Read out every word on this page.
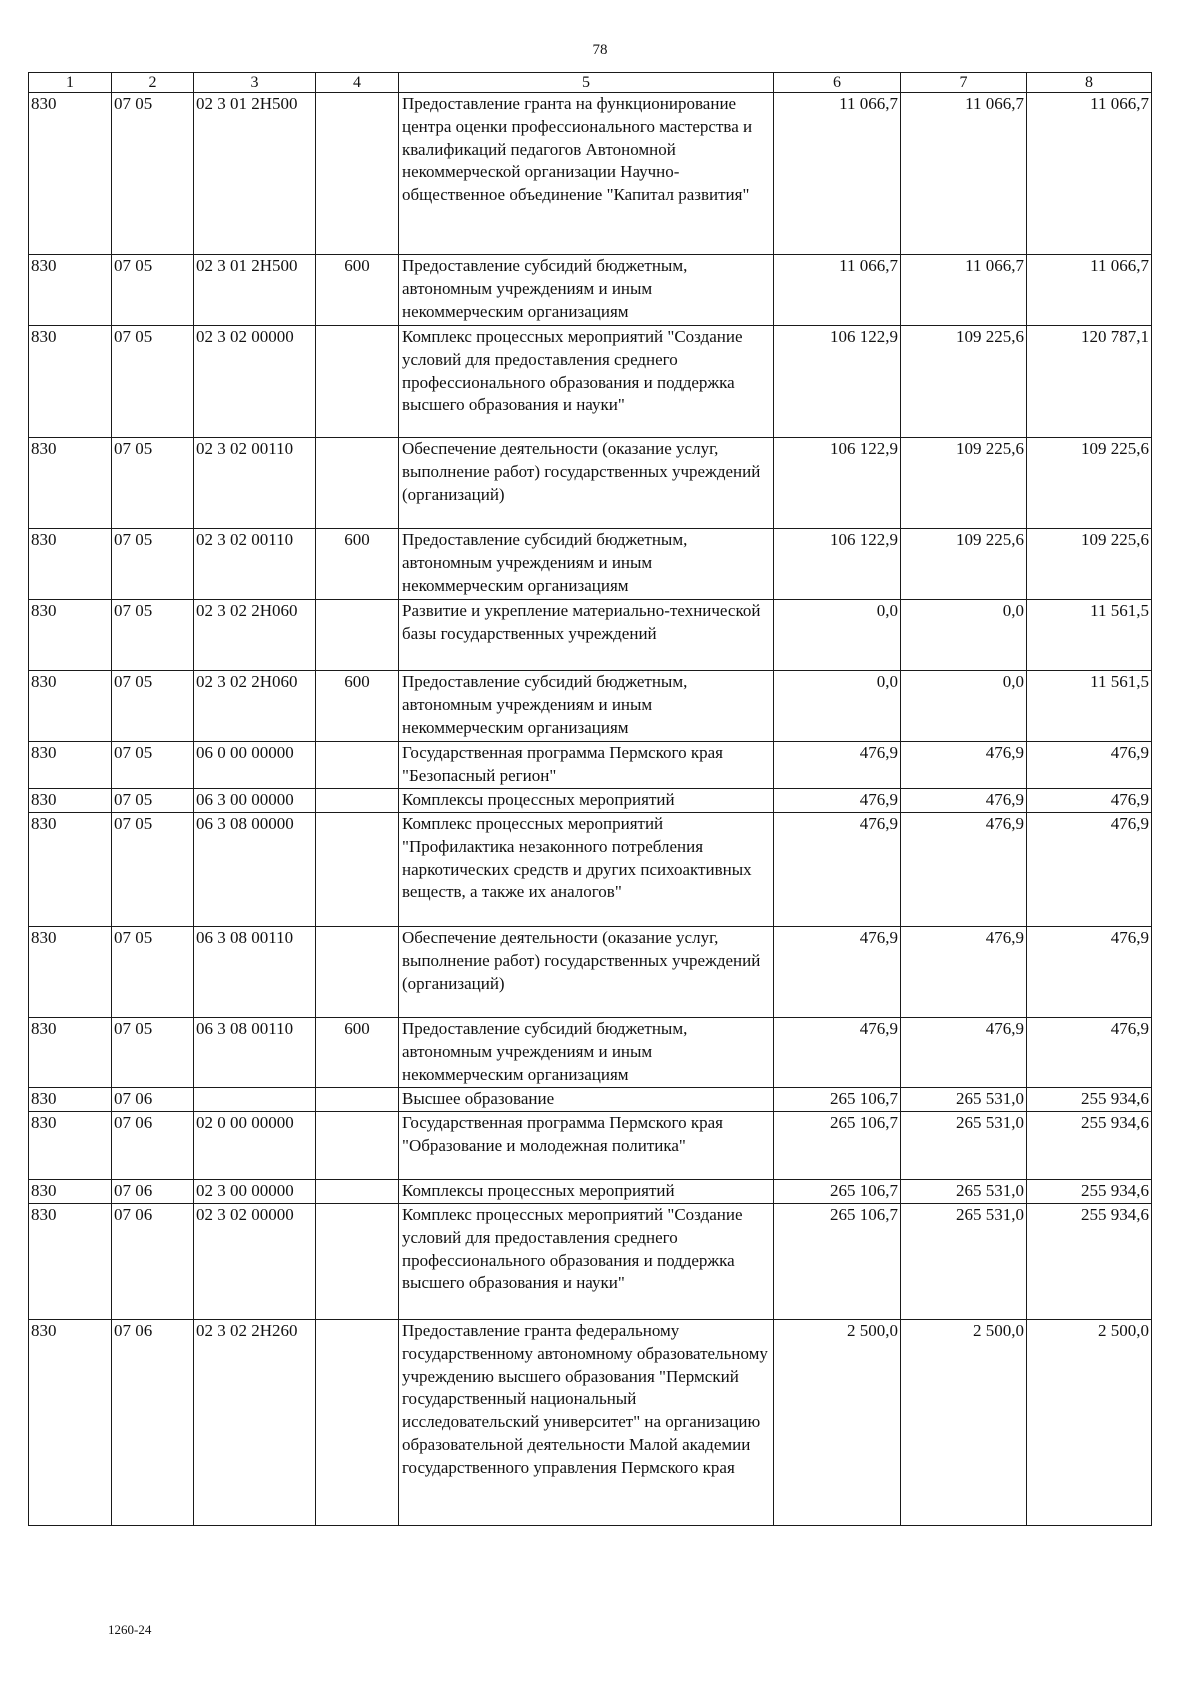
78
1	2	3	4	5	6	7	8
830	07 05	02 3 01 2Н500		Предоставление гранта на функционирование центра оценки профессионального мастерства и квалификаций педагогов Автономной некоммерческой организации Научно-общественное объединение "Капитал развития"	11 066,7	11 066,7	11 066,7
830	07 05	02 3 01 2Н500	600	Предоставление субсидий бюджетным, автономным учреждениям и иным некоммерческим организациям	11 066,7	11 066,7	11 066,7
830	07 05	02 3 02 00000		Комплекс процессных мероприятий "Создание условий для предоставления среднего профессионального образования и поддержка высшего образования и науки"	106 122,9	109 225,6	120 787,1
830	07 05	02 3 02 00110		Обеспечение деятельности (оказание услуг, выполнение работ) государственных учреждений (организаций)	106 122,9	109 225,6	109 225,6
830	07 05	02 3 02 00110	600	Предоставление субсидий бюджетным, автономным учреждениям и иным некоммерческим организациям	106 122,9	109 225,6	109 225,6
830	07 05	02 3 02 2Н060		Развитие и укрепление материально-технической базы государственных учреждений	0,0	0,0	11 561,5
830	07 05	02 3 02 2Н060	600	Предоставление субсидий бюджетным, автономным учреждениям и иным некоммерческим организациям	0,0	0,0	11 561,5
830	07 05	06 0 00 00000		Государственная программа Пермского края "Безопасный регион"	476,9	476,9	476,9
830	07 05	06 3 00 00000		Комплексы процессных мероприятий	476,9	476,9	476,9
830	07 05	06 3 08 00000		Комплекс процессных мероприятий "Профилактика незаконного потребления наркотических средств и других психоактивных веществ, а также их аналогов"	476,9	476,9	476,9
830	07 05	06 3 08 00110		Обеспечение деятельности (оказание услуг, выполнение работ) государственных учреждений (организаций)	476,9	476,9	476,9
830	07 05	06 3 08 00110	600	Предоставление субсидий бюджетным, автономным учреждениям и иным некоммерческим организациям	476,9	476,9	476,9
830	07 06			Высшее образование	265 106,7	265 531,0	255 934,6
830	07 06	02 0 00 00000		Государственная программа Пермского края "Образование и молодежная политика"	265 106,7	265 531,0	255 934,6
830	07 06	02 3 00 00000		Комплексы процессных мероприятий	265 106,7	265 531,0	255 934,6
830	07 06	02 3 02 00000		Комплекс процессных мероприятий "Создание условий для предоставления среднего профессионального образования и поддержка высшего образования и науки"	265 106,7	265 531,0	255 934,6
830	07 06	02 3 02 2Н260		Предоставление гранта федеральному государственному автономному образовательному учреждению высшего образования "Пермский государственный национальный исследовательский университет" на организацию образовательной деятельности Малой академии государственного управления Пермского края	2 500,0	2 500,0	2 500,0
1260-24
